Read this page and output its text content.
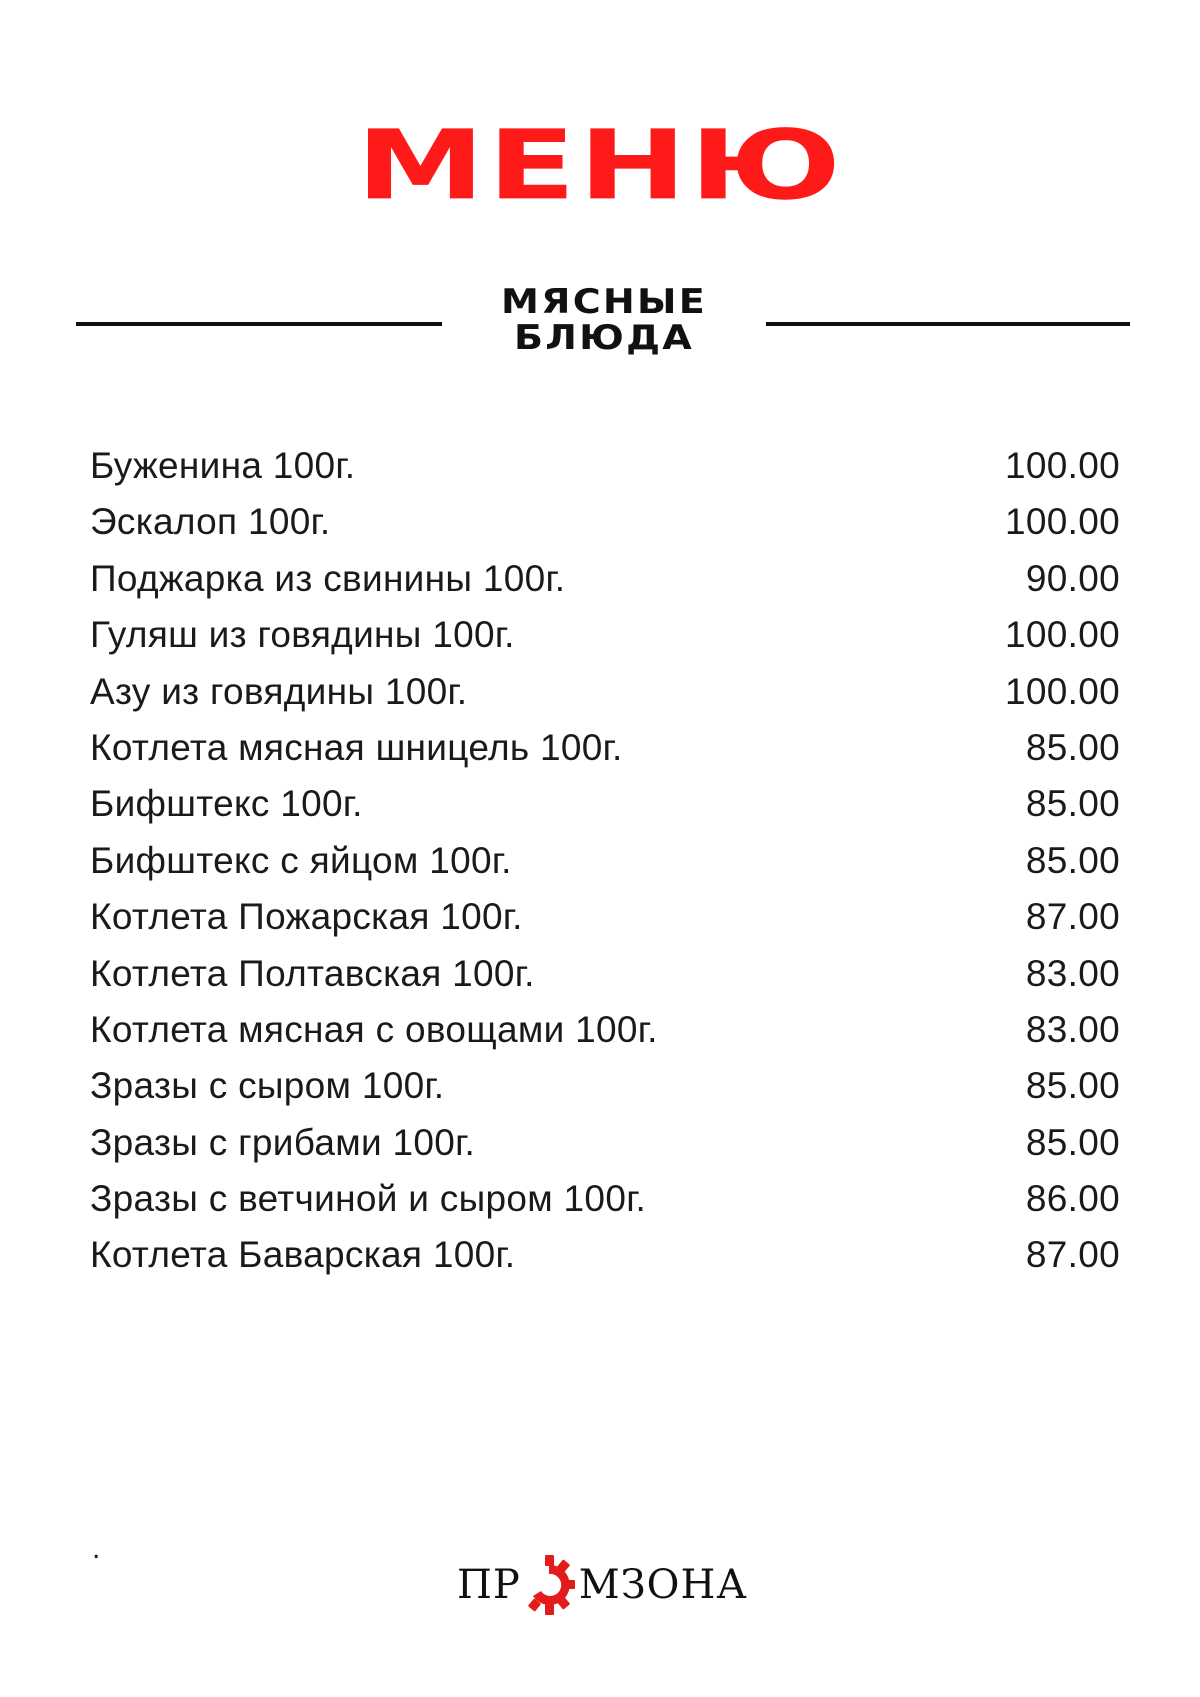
МЕНЮ
МЯСНЫЕ
БЛЮДА
Буженина 100г.	100.00
Эскалоп 100г.	100.00
Поджарка из свинины 100г.	90.00
Гуляш из говядины 100г.	100.00
Азу из говядины 100г.	100.00
Котлета мясная шницель 100г.	85.00
Бифштекс 100г.	85.00
Бифштекс с яйцом 100г.	85.00
Котлета Пожарская 100г.	87.00
Котлета Полтавская 100г.	83.00
Котлета мясная с овощами 100г.	83.00
Зразы с сыром 100г.	85.00
Зразы с грибами 100г.	85.00
Зразы с ветчиной и сыром 100г.	86.00
Котлета Баварская 100г.	87.00
.
ПР МЗОНА
